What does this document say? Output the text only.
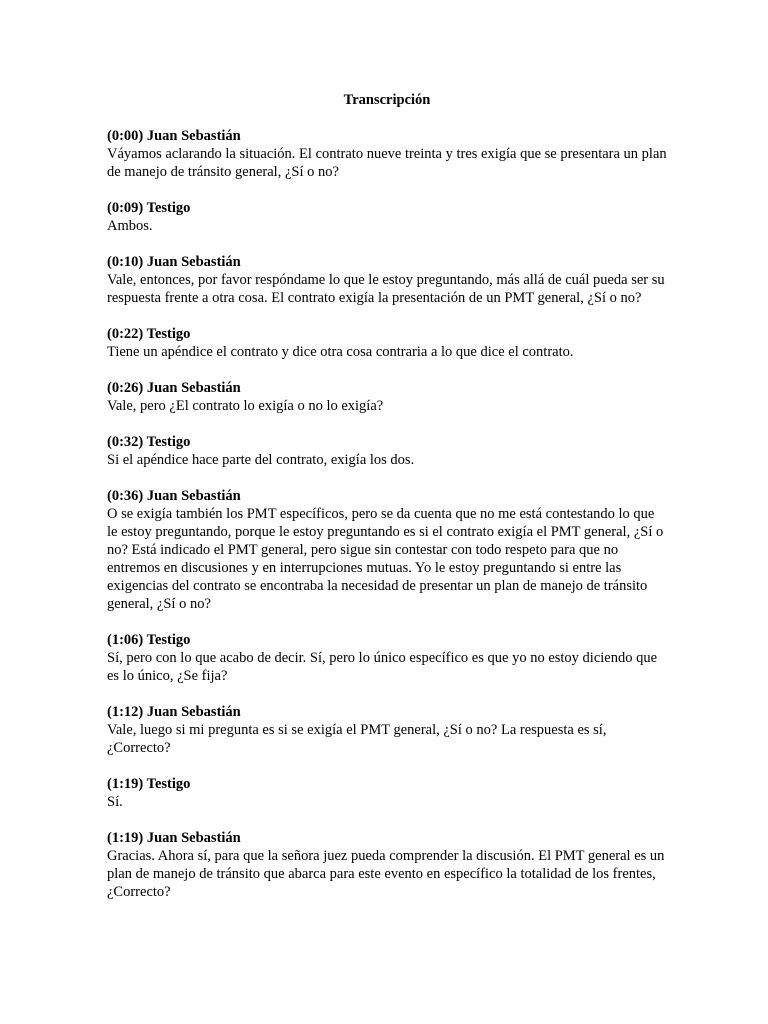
Transcripción

(0:00) Juan Sebastián

Váyamos aclarando la situación. El contrato nueve treinta y tres exigía que se presentara un plan de manejo de tránsito general, ¿Sí o no?

(0:09) Testigo

Ambos.

(0:10) Juan Sebastián

Vale, entonces, por favor respóndame lo que le estoy preguntando, más allá de cuál pueda ser su respuesta frente a otra cosa. El contrato exigía la presentación de un PMT general, ¿Sí o no?

(0:22) Testigo

Tiene un apéndice el contrato y dice otra cosa contraria a lo que dice el contrato.

(0:26) Juan Sebastián

Vale, pero ¿El contrato lo exigía o no lo exigía?

(0:32) Testigo

Si el apéndice hace parte del contrato, exigía los dos.

(0:36) Juan Sebastián

O se exigía también los PMT específicos, pero se da cuenta que no me está contestando lo que le estoy preguntando, porque le estoy preguntando es si el contrato exigía el PMT general, ¿Sí o no? Está indicado el PMT general, pero sigue sin contestar con todo respeto para que no entremos en discusiones y en interrupciones mutuas. Yo le estoy preguntando si entre las exigencias del contrato se encontraba la necesidad de presentar un plan de manejo de tránsito general, ¿Sí o no?

(1:06) Testigo

Sí, pero con lo que acabo de decir. Sí, pero lo único específico es que yo no estoy diciendo que es lo único, ¿Se fija?

(1:12) Juan Sebastián

Vale, luego si mi pregunta es si se exigía el PMT general, ¿Sí o no? La respuesta es sí, ¿Correcto?

(1:19) Testigo

Sí.

(1:19) Juan Sebastián

Gracias. Ahora sí, para que la señora juez pueda comprender la discusión. El PMT general es un plan de manejo de tránsito que abarca para este evento en específico la totalidad de los frentes, ¿Correcto?
